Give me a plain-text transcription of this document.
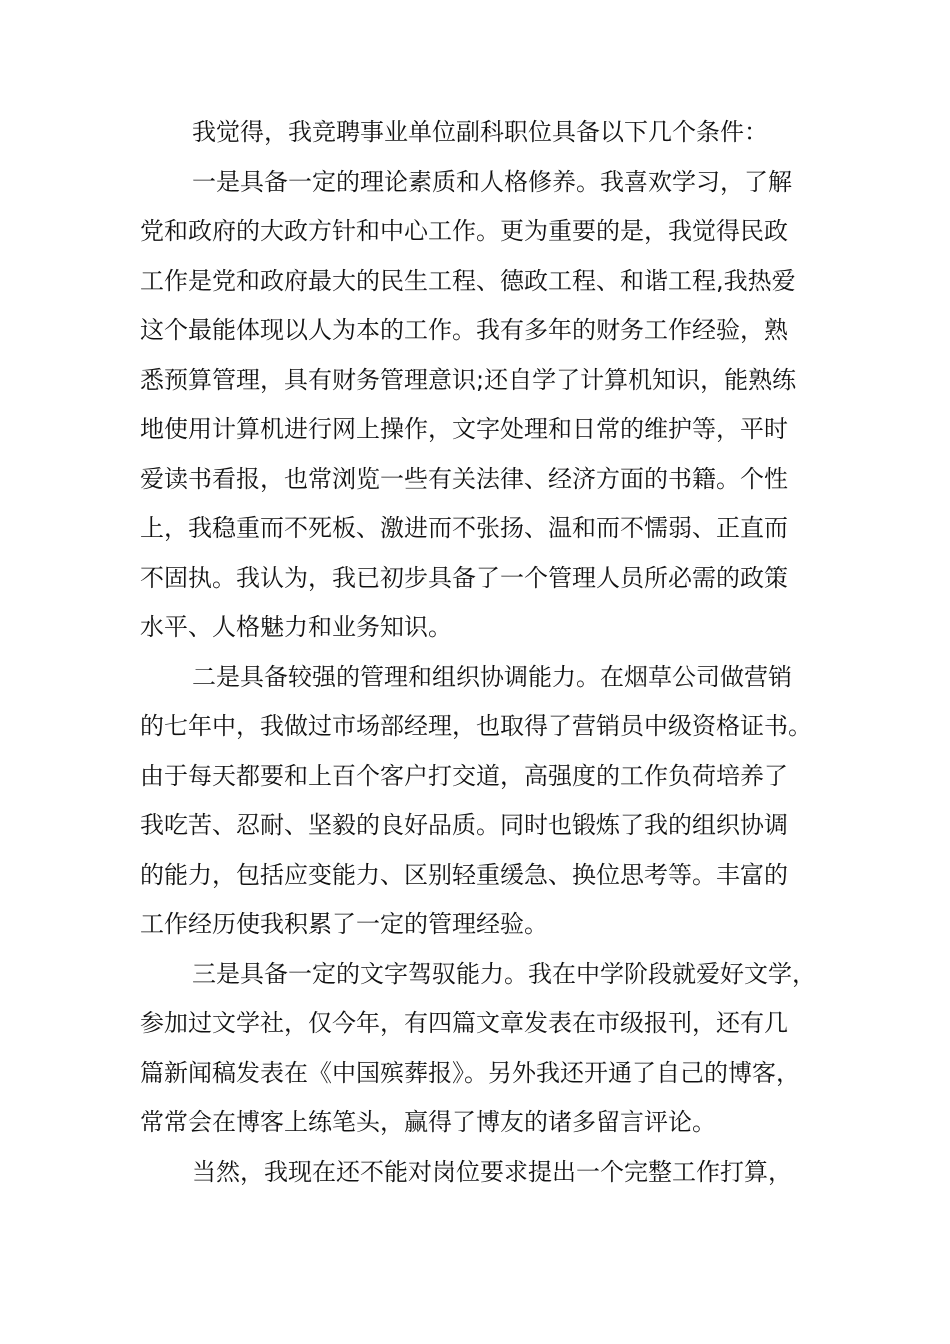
我觉得，我竞聘事业单位副科职位具备以下几个条件：
一是具备一定的理论素质和人格修养。我喜欢学习，了解
党和政府的大政方针和中心工作。更为重要的是，我觉得民政
工作是党和政府最大的民生工程、德政工程、和谐工程,我热爱
这个最能体现以人为本的工作。我有多年的财务工作经验，熟
悉预算管理，具有财务管理意识;还自学了计算机知识，能熟练
地使用计算机进行网上操作，文字处理和日常的维护等，平时
爱读书看报，也常浏览一些有关法律、经济方面的书籍。个性
上，我稳重而不死板、激进而不张扬、温和而不懦弱、正直而
不固执。我认为，我已初步具备了一个管理人员所必需的政策
水平、人格魅力和业务知识。
二是具备较强的管理和组织协调能力。在烟草公司做营销
的七年中，我做过市场部经理，也取得了营销员中级资格证书。
由于每天都要和上百个客户打交道，高强度的工作负荷培养了
我吃苦、忍耐、坚毅的良好品质。同时也锻炼了我的组织协调
的能力，包括应变能力、区别轻重缓急、换位思考等。丰富的
工作经历使我积累了一定的管理经验。
三是具备一定的文字驾驭能力。我在中学阶段就爱好文学，
参加过文学社，仅今年，有四篇文章发表在市级报刊，还有几
篇新闻稿发表在《中国殡葬报》。另外我还开通了自己的博客，
常常会在博客上练笔头，赢得了博友的诸多留言评论。
当然，我现在还不能对岗位要求提出一个完整工作打算，
